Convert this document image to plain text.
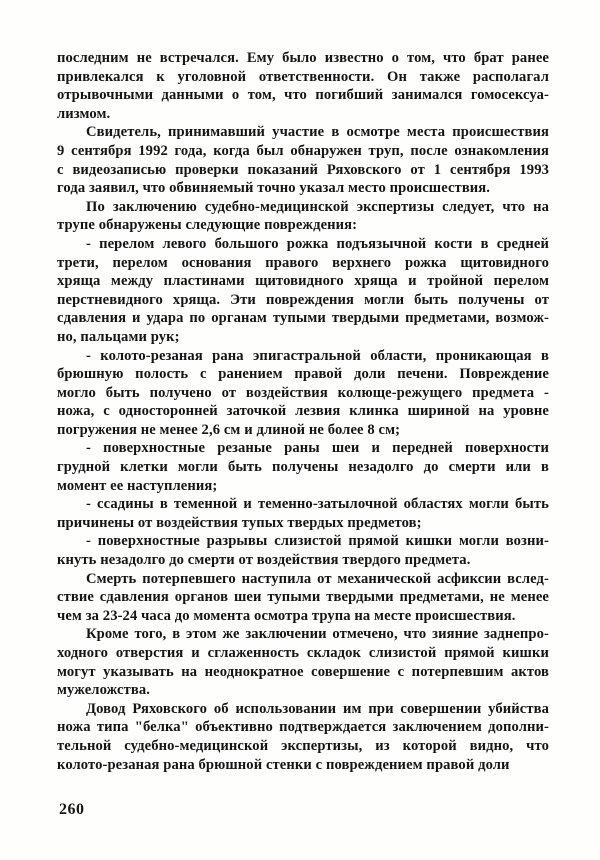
последним не встречался. Ему было известно о том, что брат ранее
привлекался к уголовной ответственности. Он также располагал
отрывочными данными о том, что погибший занимался гомосексуа-
лизмом.
Свидетель, принимавший участие в осмотре места происшествия
9 сентября 1992 года, когда был обнаружен труп, после ознакомления
с видеозаписью проверки показаний Ряховского от 1 сентября 1993
года заявил, что обвиняемый точно указал место происшествия.
По заключению судебно-медицинской экспертизы следует, что на
трупе обнаружены следующие повреждения:
- перелом левого большого рожка подъязычной кости в средней
трети, перелом основания правого верхнего рожка щитовидного
хряща между пластинами щитовидного хряща и тройной перелом
перстневидного хряща. Эти повреждения могли быть получены от
сдавления и удара по органам тупыми твердыми предметами, возмож-
но, пальцами рук;
- колото-резаная рана эпигастральной области, проникающая в
брюшную полость с ранением правой доли печени. Повреждение
могло быть получено от воздействия колюще-режущего предмета -
ножа, с односторонней заточкой лезвия клинка шириной на уровне
погружения не менее 2,6 см и длиной не более 8 см;
- поверхностные резаные раны шеи и передней поверхности
грудной клетки могли быть получены незадолго до смерти или в
момент ее наступления;
- ссадины в теменной и теменно-затылочной областях могли быть
причинены от воздействия тупых твердых предметов;
- поверхностные разрывы слизистой прямой кишки могли возни-
кнуть незадолго до смерти от воздействия твердого предмета.
Смерть потерпевшего наступила от механической асфиксии вслед-
ствие сдавления органов шеи тупыми твердыми предметами, не менее
чем за 23-24 часа до момента осмотра трупа на месте происшествия.
Кроме того, в этом же заключении отмечено, что зияние заднепро-
ходного отверстия и сглаженность складок слизистой прямой кишки
могут указывать на неоднократное совершение с потерпевшим актов
мужеложства.
Довод Ряховского об использовании им при совершении убийства
ножа типа "белка" объективно подтверждается заключением дополни-
тельной судебно-медицинской экспертизы, из которой видно, что
колото-резаная рана брюшной стенки с повреждением правой доли
260
